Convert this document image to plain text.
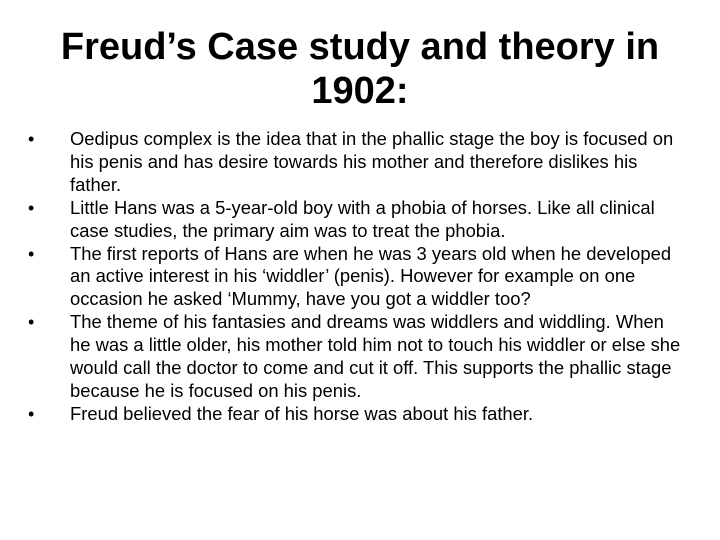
Freud’s Case study and theory in 1902:
•	Oedipus complex is the idea that in the phallic stage the boy is focused on his penis and has desire towards his mother and therefore dislikes his father.
•	Little Hans was a 5-year-old boy with a phobia of horses. Like all clinical case studies, the primary aim was to treat the phobia.
•	The first reports of Hans are when he was 3 years old when he developed an active interest in his ‘widdler’ (penis). However for example on one occasion he asked ‘Mummy, have you got a widdler too?
•	The theme of his fantasies and dreams was widdlers and widdling. When he was a little older, his mother told him not to touch his widdler or else she would call the doctor to come and cut it off. This supports the phallic stage because he is focused on his penis.
•	Freud believed the fear of his horse was about his father.
